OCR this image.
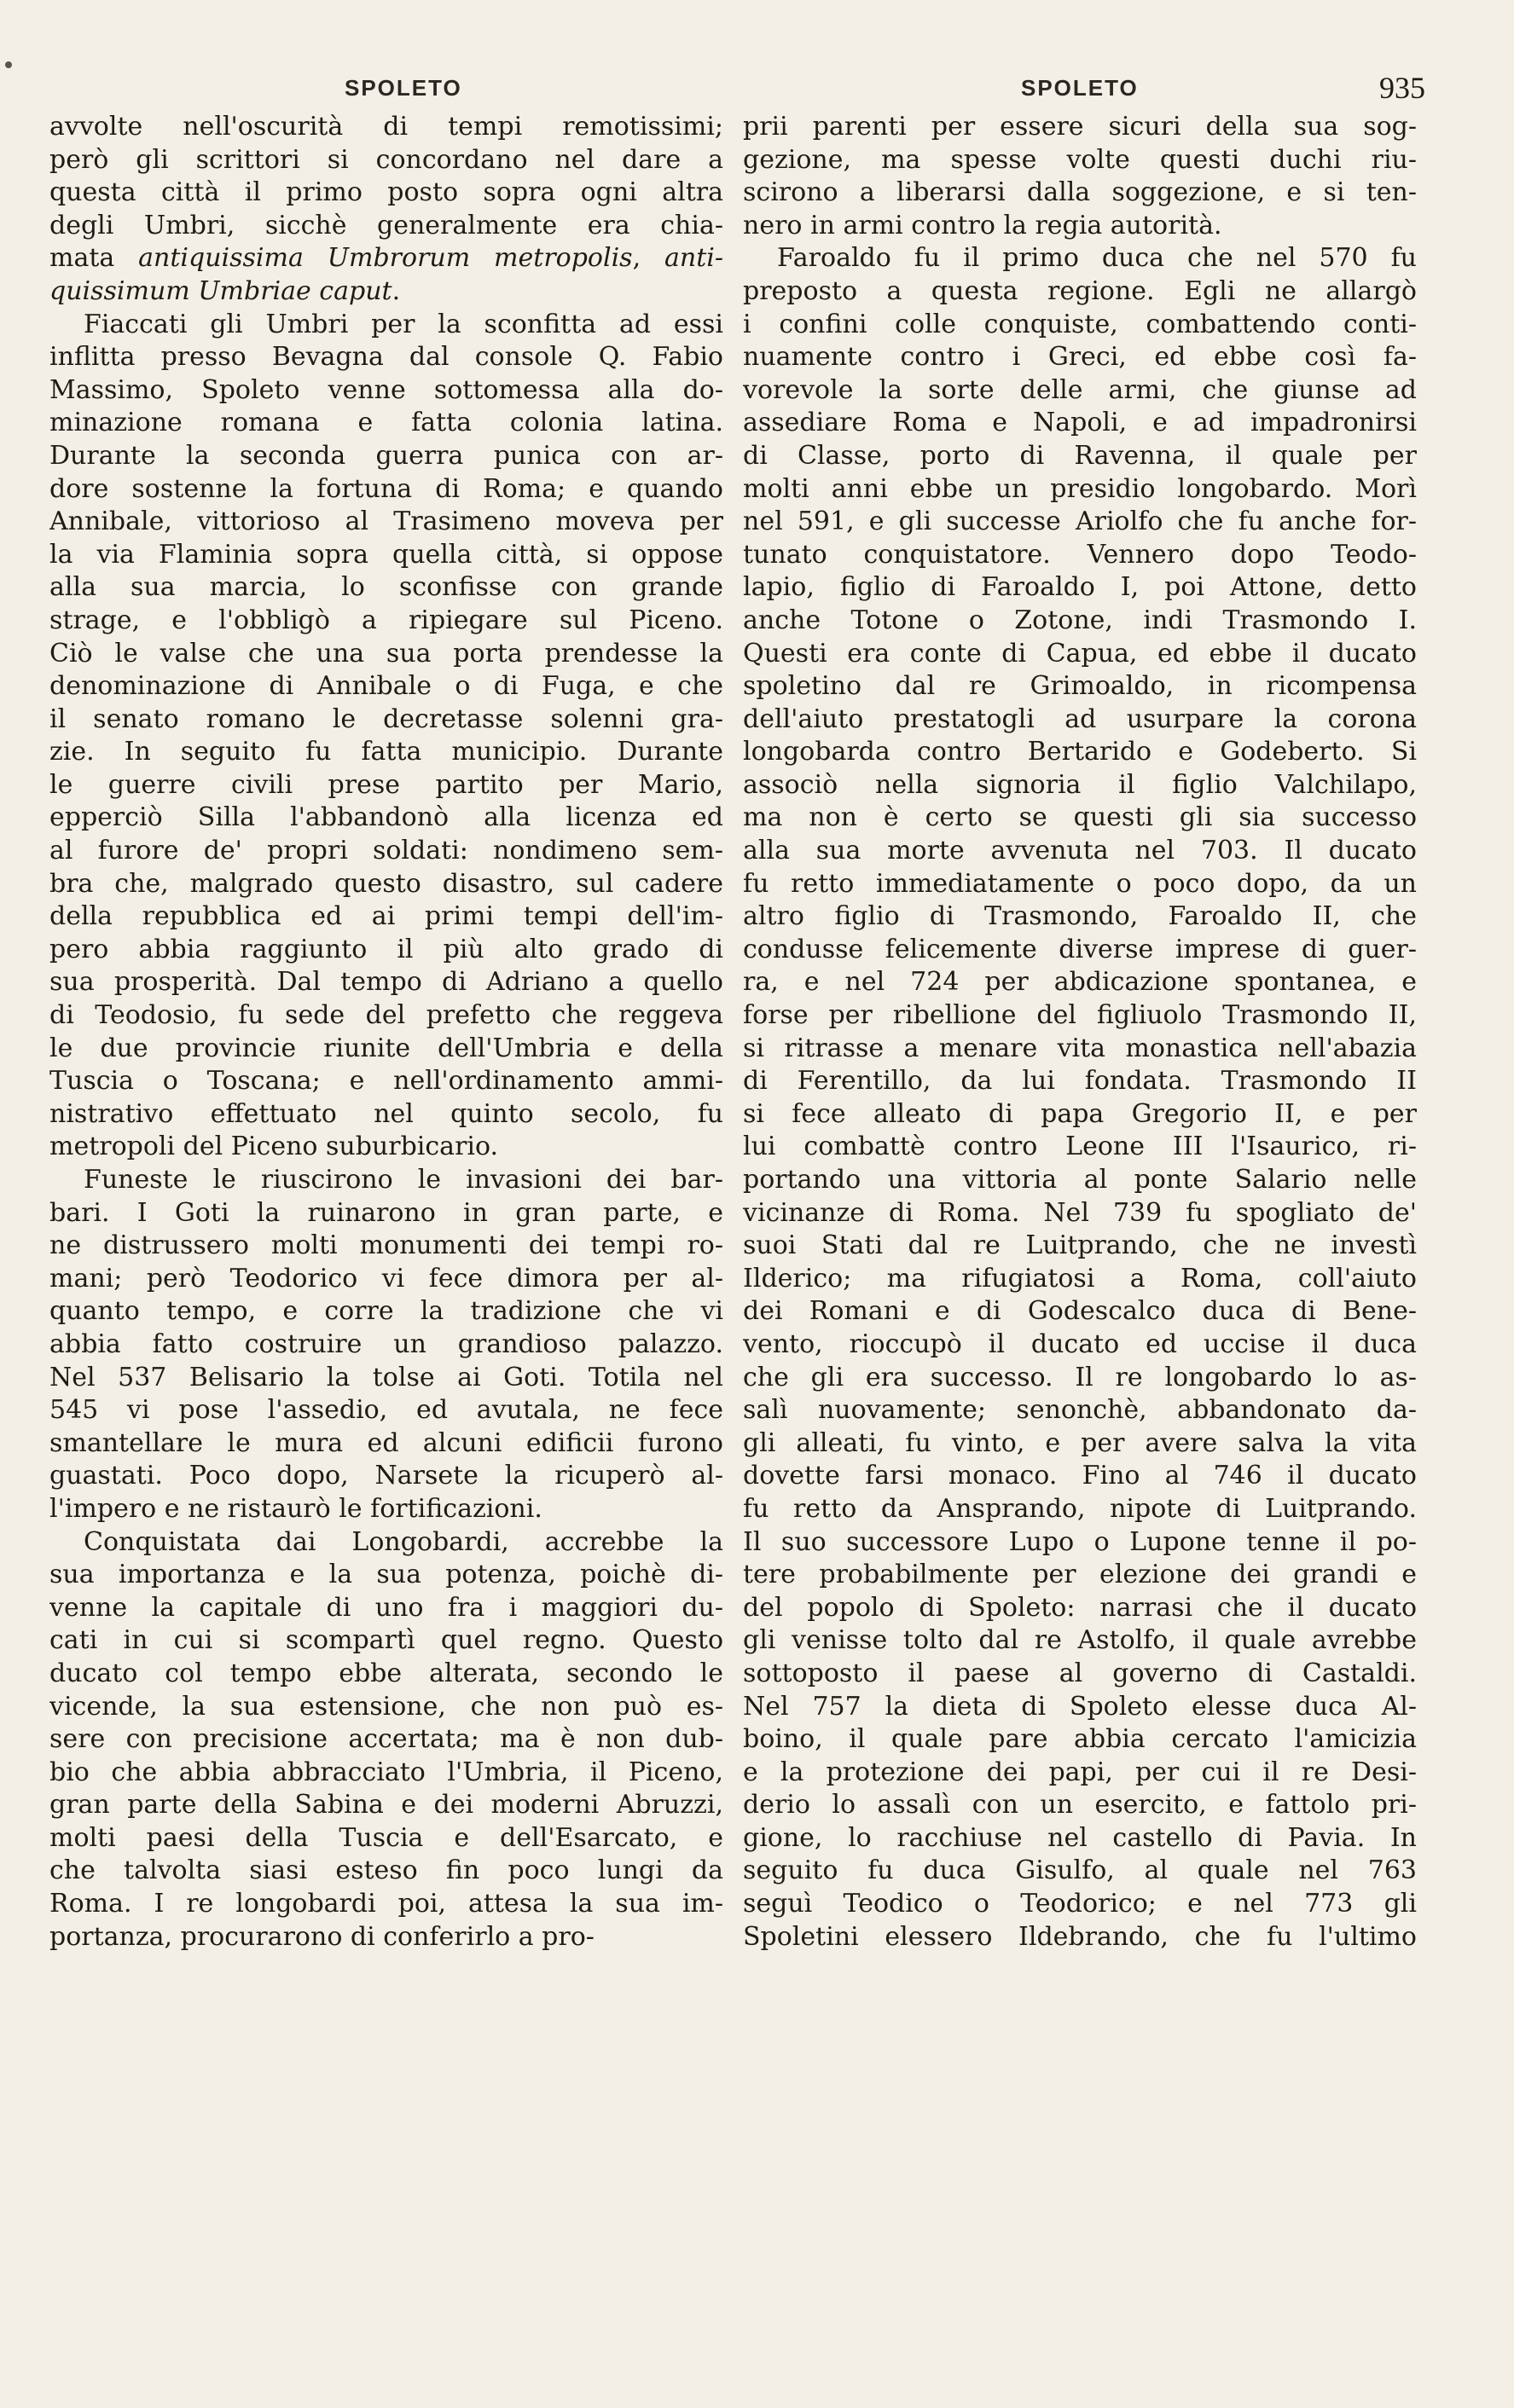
SPOLETO	SPOLETO	935
avvolte nell'oscurità di tempi remotissimi;
però gli scrittori si concordano nel dare a
questa città il primo posto sopra ogni altra
degli Umbri, sicchè generalmente era chia-
mata antiquissima Umbrorum metropolis, anti-
quissimum Umbriae caput.
Fiaccati gli Umbri per la sconfitta ad essi
inflitta presso Bevagna dal console Q. Fabio
Massimo, Spoleto venne sottomessa alla do-
minazione romana e fatta colonia latina.
Durante la seconda guerra punica con ar-
dore sostenne la fortuna di Roma; e quando
Annibale, vittorioso al Trasimeno moveva per
la via Flaminia sopra quella città, si oppose
alla sua marcia, lo sconfisse con grande
strage, e l'obbligò a ripiegare sul Piceno.
Ciò le valse che una sua porta prendesse la
denominazione di Annibale o di Fuga, e che
il senato romano le decretasse solenni gra-
zie. In seguito fu fatta municipio. Durante
le guerre civili prese partito per Mario,
epperciò Silla l'abbandonò alla licenza ed
al furore de' propri soldati: nondimeno sem-
bra che, malgrado questo disastro, sul cadere
della repubblica ed ai primi tempi dell'im-
pero abbia raggiunto il più alto grado di
sua prosperità. Dal tempo di Adriano a quello
di Teodosio, fu sede del prefetto che reggeva
le due provincie riunite dell'Umbria e della
Tuscia o Toscana; e nell'ordinamento ammi-
nistrativo effettuato nel quinto secolo, fu
metropoli del Piceno suburbicario.
Funeste le riuscirono le invasioni dei bar-
bari. I Goti la ruinarono in gran parte, e
ne distrussero molti monumenti dei tempi ro-
mani; però Teodorico vi fece dimora per al-
quanto tempo, e corre la tradizione che vi
abbia fatto costruire un grandioso palazzo.
Nel 537 Belisario la tolse ai Goti. Totila nel
545 vi pose l'assedio, ed avutala, ne fece
smantellare le mura ed alcuni edificii furono
guastati. Poco dopo, Narsete la ricuperò al-
l'impero e ne ristaurò le fortificazioni.
Conquistata dai Longobardi, accrebbe la
sua importanza e la sua potenza, poichè di-
venne la capitale di uno fra i maggiori du-
cati in cui si scompartì quel regno. Questo
ducato col tempo ebbe alterata, secondo le
vicende, la sua estensione, che non può es-
sere con precisione accertata; ma è non dub-
bio che abbia abbracciato l'Umbria, il Piceno,
gran parte della Sabina e dei moderni Abruzzi,
molti paesi della Tuscia e dell'Esarcato, e
che talvolta siasi esteso fin poco lungi da
Roma. I re longobardi poi, attesa la sua im-
portanza, procurarono di conferirlo a pro-
prii parenti per essere sicuri della sua sog-
gezione, ma spesse volte questi duchi riu-
scirono a liberarsi dalla soggezione, e si ten-
nero in armi contro la regia autorità.
Faroaldo fu il primo duca che nel 570 fu
preposto a questa regione. Egli ne allargò
i confini colle conquiste, combattendo conti-
nuamente contro i Greci, ed ebbe così fa-
vorevole la sorte delle armi, che giunse ad
assediare Roma e Napoli, e ad impadronirsi
di Classe, porto di Ravenna, il quale per
molti anni ebbe un presidio longobardo. Morì
nel 591, e gli successe Ariolfo che fu anche for-
tunato conquistatore. Vennero dopo Teodo-
lapio, figlio di Faroaldo I, poi Attone, detto
anche Totone o Zotone, indi Trasmondo I.
Questi era conte di Capua, ed ebbe il ducato
spoletino dal re Grimoaldo, in ricompensa
dell'aiuto prestatogli ad usurpare la corona
longobarda contro Bertarido e Godeberto. Si
associò nella signoria il figlio Valchilapo,
ma non è certo se questi gli sia successo
alla sua morte avvenuta nel 703. Il ducato
fu retto immediatamente o poco dopo, da un
altro figlio di Trasmondo, Faroaldo II, che
condusse felicemente diverse imprese di guer-
ra, e nel 724 per abdicazione spontanea, e
forse per ribellione del figliuolo Trasmondo II,
si ritrasse a menare vita monastica nell'abazia
di Ferentillo, da lui fondata. Trasmondo II
si fece alleato di papa Gregorio II, e per
lui combattè contro Leone III l'Isaurico, ri-
portando una vittoria al ponte Salario nelle
vicinanze di Roma. Nel 739 fu spogliato de'
suoi Stati dal re Luitprando, che ne investì
Ilderico; ma rifugiatosi a Roma, coll'aiuto
dei Romani e di Godescalco duca di Bene-
vento, rioccupò il ducato ed uccise il duca
che gli era successo. Il re longobardo lo as-
salì nuovamente; senonchè, abbandonato da-
gli alleati, fu vinto, e per avere salva la vita
dovette farsi monaco. Fino al 746 il ducato
fu retto da Ansprando, nipote di Luitprando.
Il suo successore Lupo o Lupone tenne il po-
tere probabilmente per elezione dei grandi e
del popolo di Spoleto: narrasi che il ducato
gli venisse tolto dal re Astolfo, il quale avrebbe
sottoposto il paese al governo di Castaldi.
Nel 757 la dieta di Spoleto elesse duca Al-
boino, il quale pare abbia cercato l'amicizia
e la protezione dei papi, per cui il re Desi-
derio lo assalì con un esercito, e fattolo pri-
gione, lo racchiuse nel castello di Pavia. In
seguito fu duca Gisulfo, al quale nel 763
seguì Teodico o Teodorico; e nel 773 gli
Spoletini elessero Ildebrando, che fu l'ultimo
